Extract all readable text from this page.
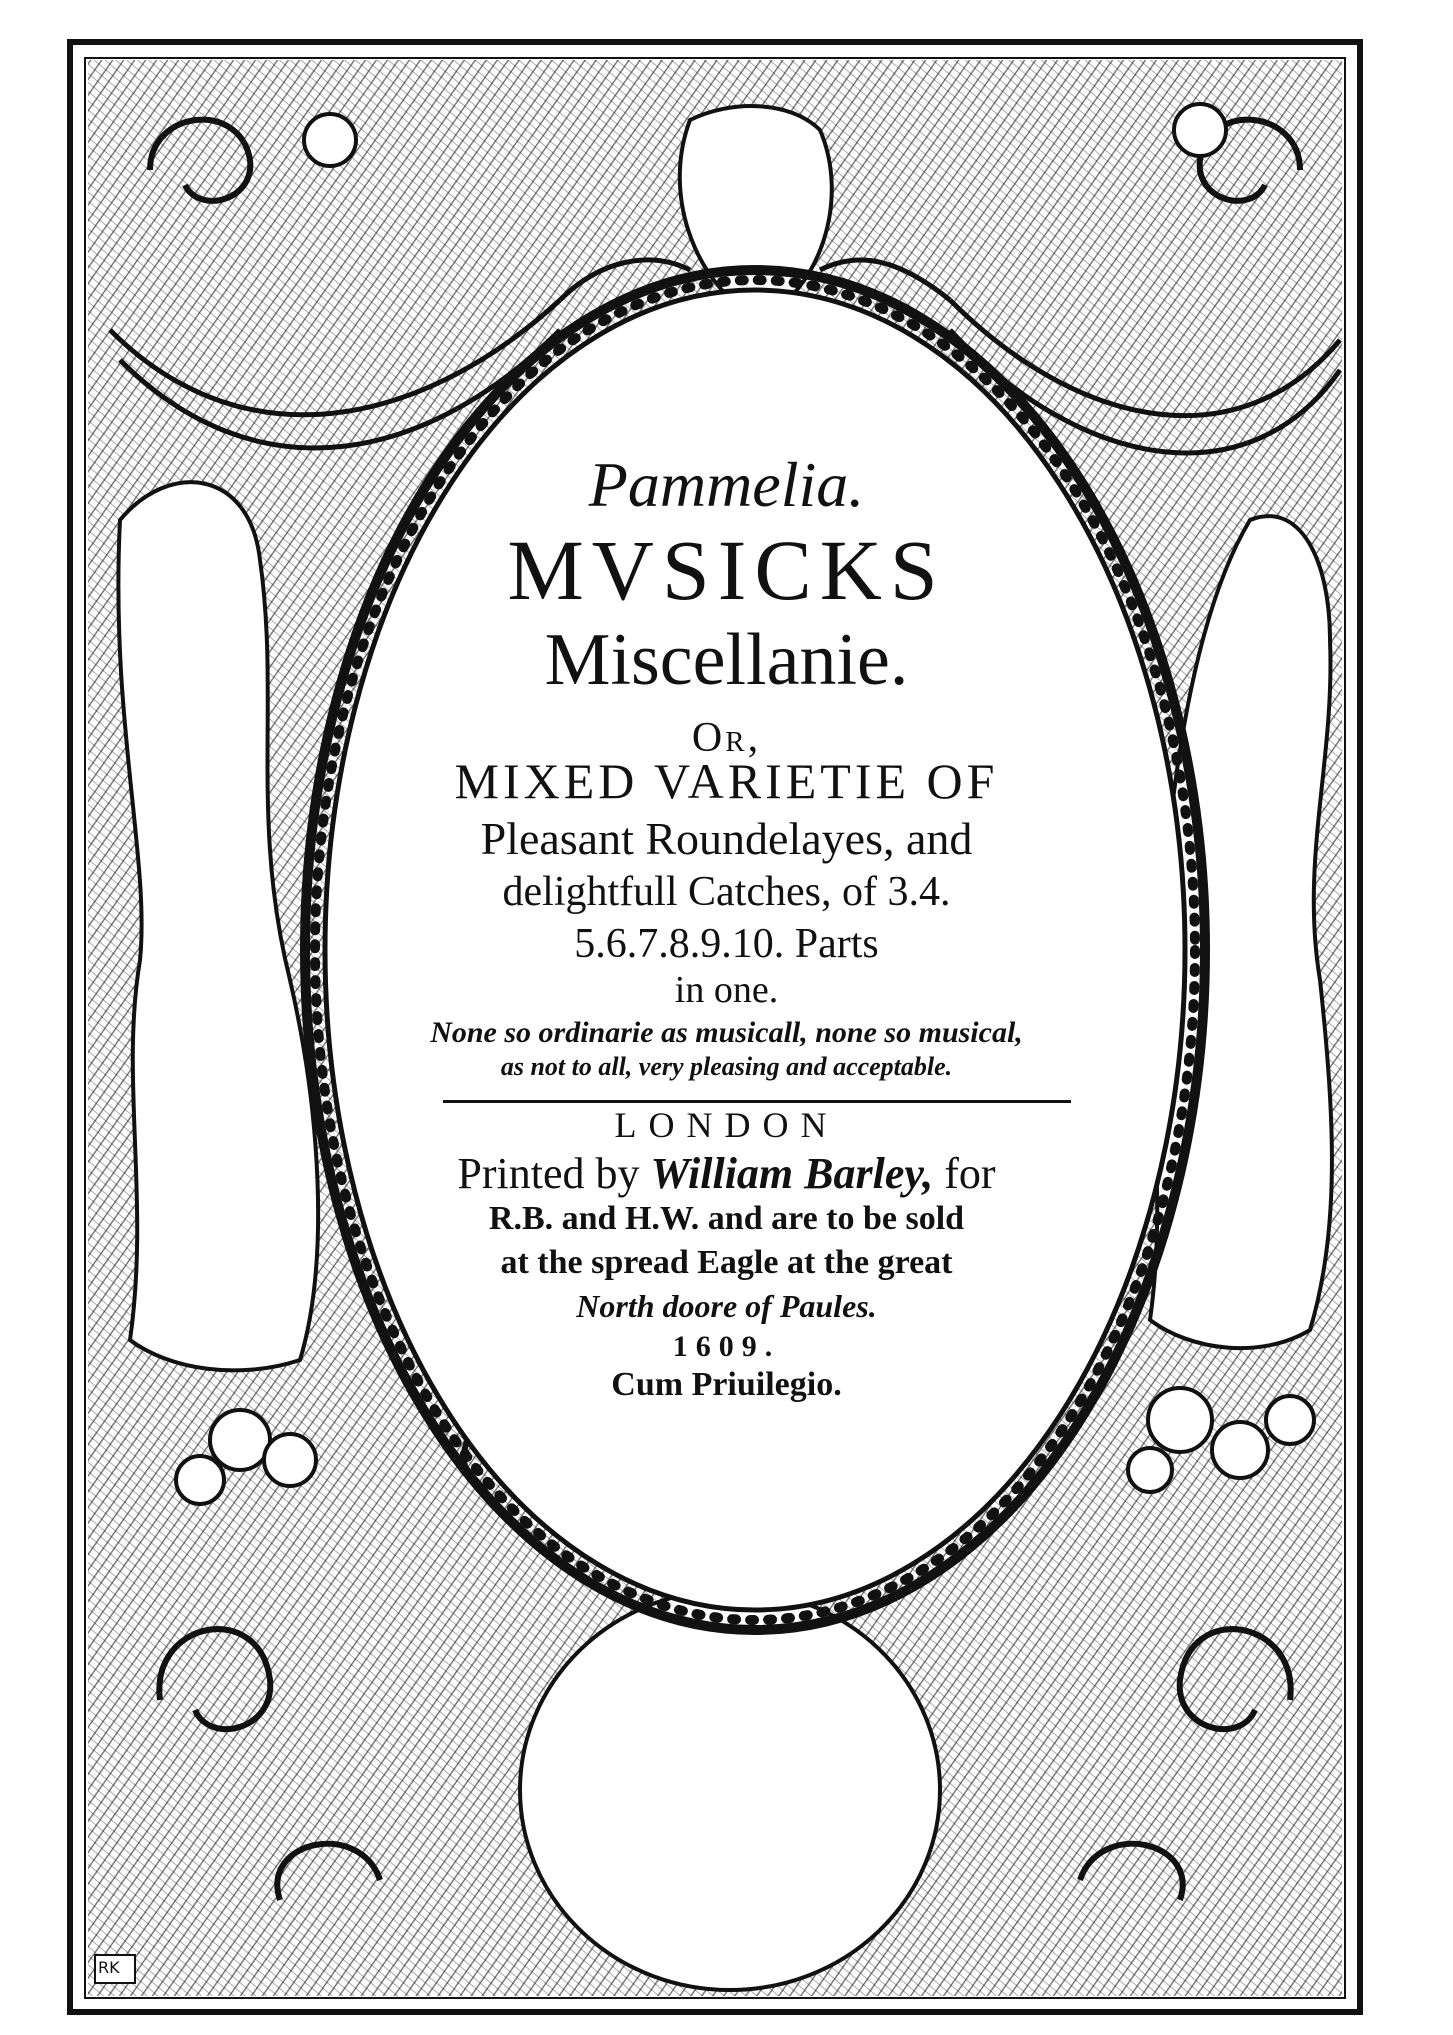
RK
Pammelia.
MVSICKS
Miscellanie.
Or,
MIXED VARIETIE OF
Pleasant Roundelayes, and
delightfull Catches, of 3.4.
5.6.7.8.9.10. Parts
in one.
None so ordinarie as musicall, none so musical,
as not to all, very pleasing and acceptable.
LONDON
Printed by William Barley, for
R.B. and H.W. and are to be sold
at the spread Eagle at the great
North doore of Paules.
1609.
Cum Priuilegio.
